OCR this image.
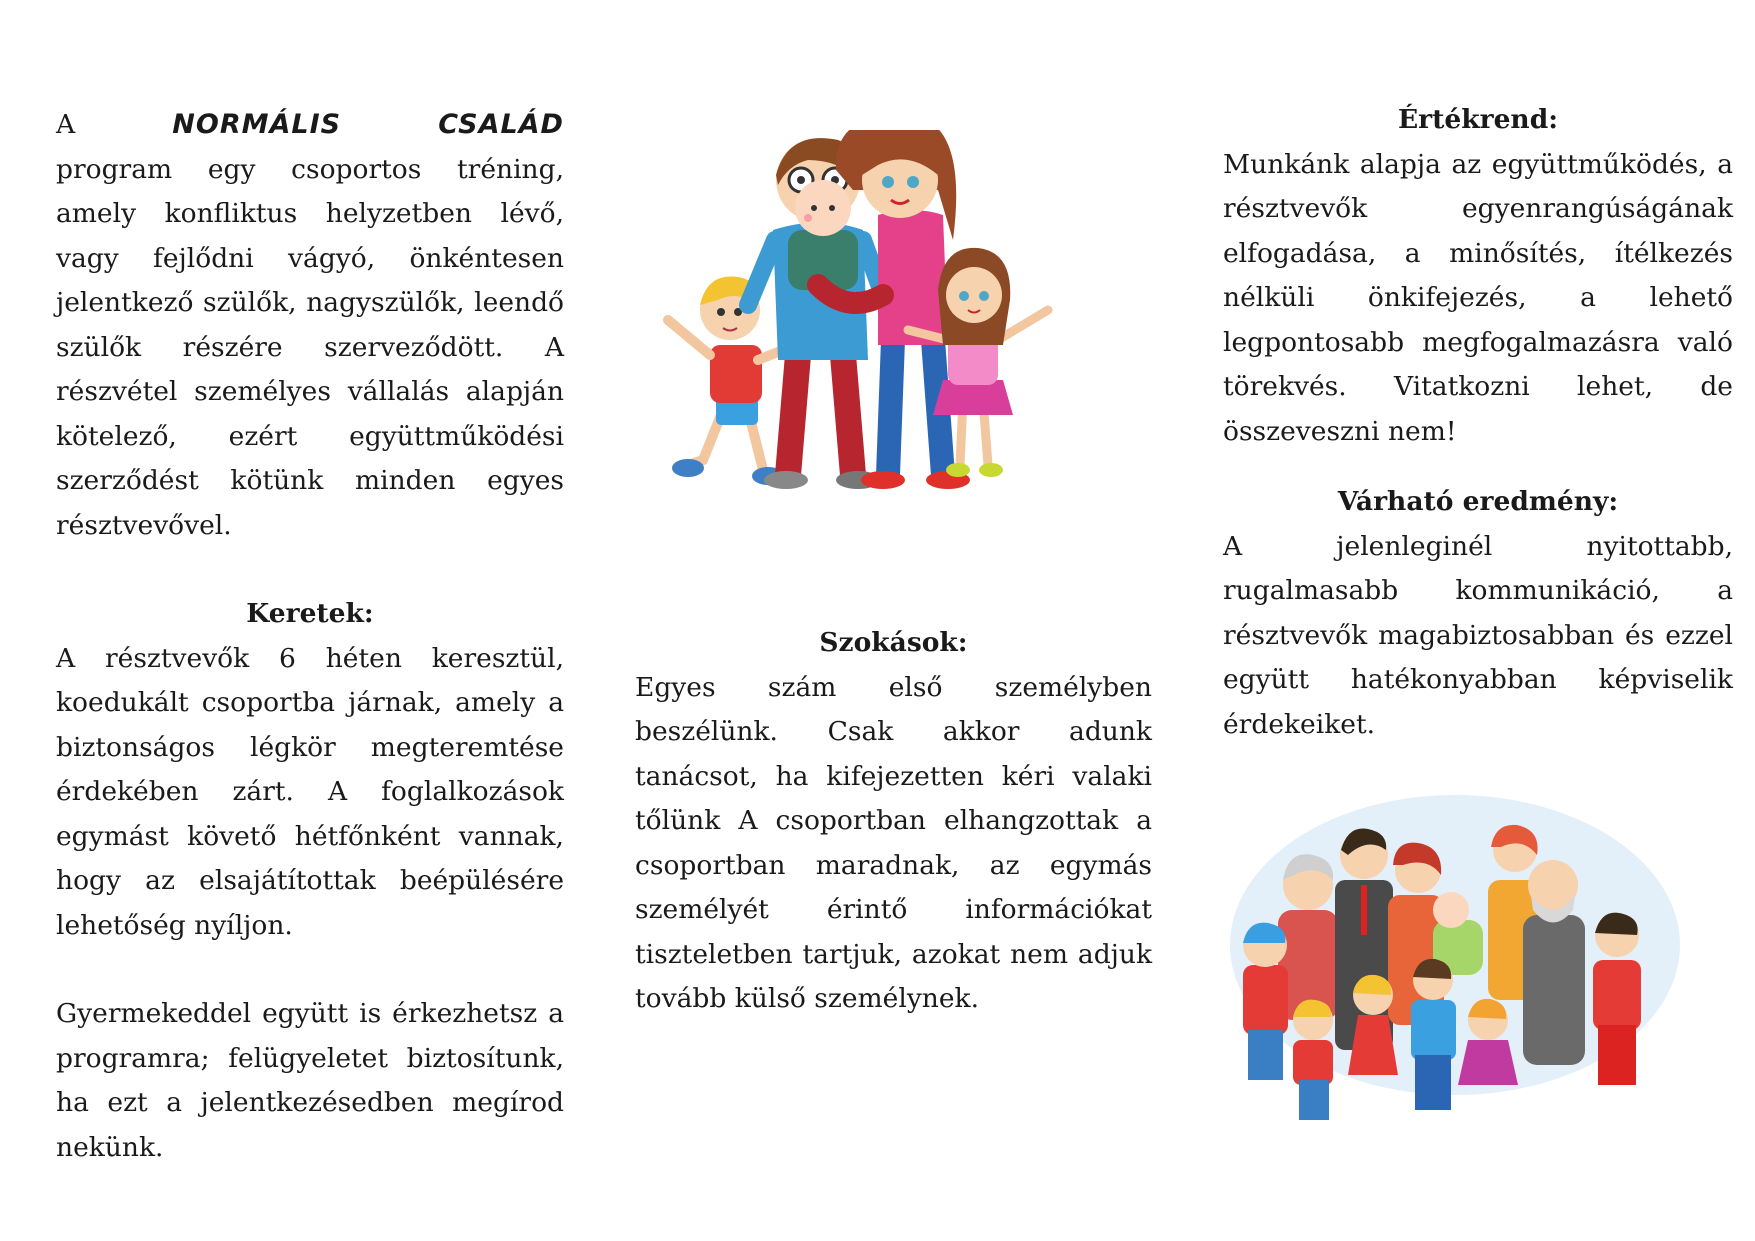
A	NORMÁLIS	CSALÁD

program egy csoportos tréning, amely konfliktus helyzetben lévő, vagy fejlődni vágyó, önkéntesen jelentkező szülők, nagyszülők, leendő szülők részére szerveződött. A részvétel személyes vállalás alapján kötelező, ezért együttműködési szerződést kötünk minden egyes résztvevővel.

Keretek:

A résztvevők 6 héten keresztül, koedukált csoportba járnak, amely a biztonságos légkör megteremtése érdekében zárt. A foglalkozások egymást követő hétfőnként vannak, hogy az elsajátítottak beépülésére lehetőség nyíljon.

Gyermekeddel együtt is érkezhetsz a programra; felügyeletet biztosítunk, ha ezt a jelentkezésedben megírod nekünk.

Szokások:

Egyes szám első személyben beszélünk. Csak akkor adunk tanácsot, ha kifejezetten kéri valaki tőlünk A csoportban elhangzottak a csoportban maradnak, az egymás személyét érintő információkat tiszteletben tartjuk, azokat nem adjuk tovább külső személynek.

Értékrend:

Munkánk alapja az együttműködés, a résztvevők egyenrangúságának elfogadása, a minősítés, ítélkezés nélküli önkifejezés, a lehető legpontosabb megfogalmazásra való törekvés. Vitatkozni lehet, de összeveszni nem!

Várható eredmény:

A jelenleginél nyitottabb, rugalmasabb kommunikáció, a résztvevők magabiztosabban és ezzel együtt hatékonyabban képviselik érdekeiket.
